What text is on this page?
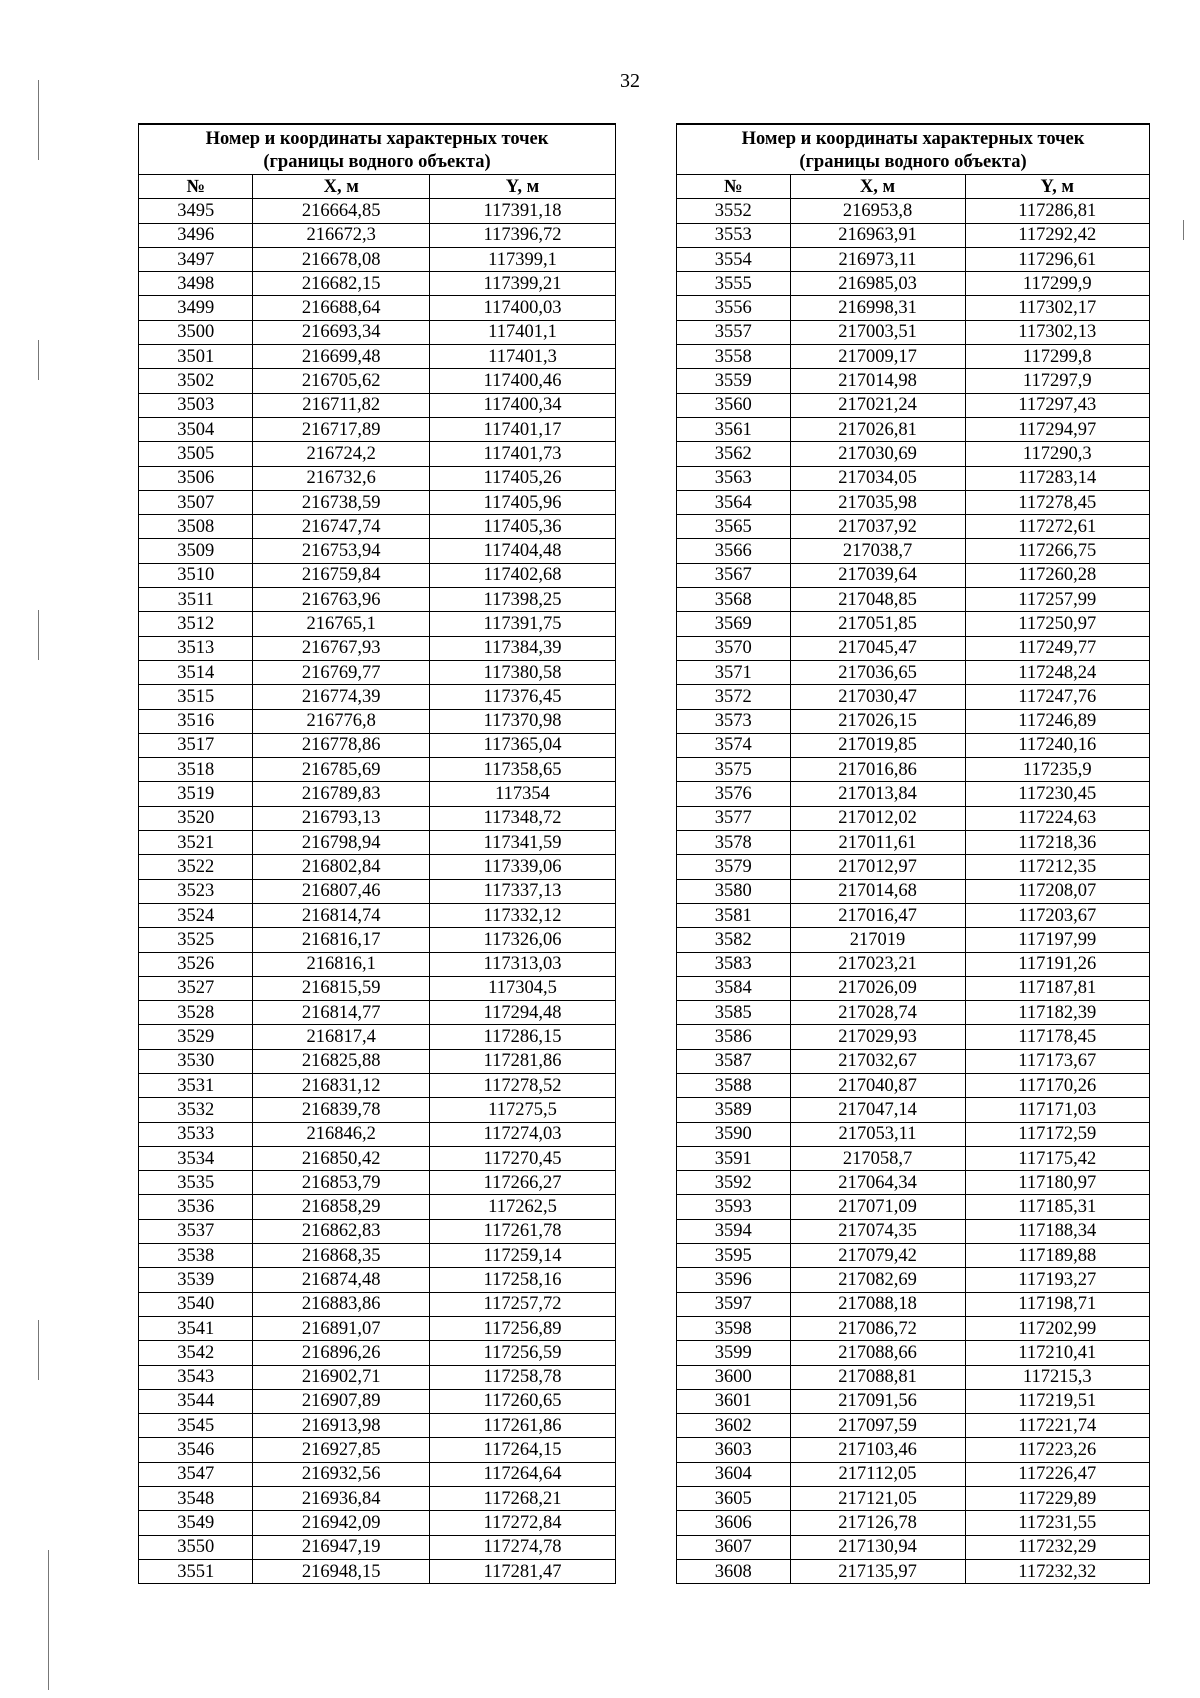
32
Номер и координаты характерных точек
(границы водного объекта)		

№	X, м	Y, м
3495	216664,85	117391,18
3496	216672,3	117396,72
3497	216678,08	117399,1
3498	216682,15	117399,21
3499	216688,64	117400,03
3500	216693,34	117401,1
3501	216699,48	117401,3
3502	216705,62	117400,46
3503	216711,82	117400,34
3504	216717,89	117401,17
3505	216724,2	117401,73
3506	216732,6	117405,26
3507	216738,59	117405,96
3508	216747,74	117405,36
3509	216753,94	117404,48
3510	216759,84	117402,68
3511	216763,96	117398,25
3512	216765,1	117391,75
3513	216767,93	117384,39
3514	216769,77	117380,58
3515	216774,39	117376,45
3516	216776,8	117370,98
3517	216778,86	117365,04
3518	216785,69	117358,65
3519	216789,83	117354
3520	216793,13	117348,72
3521	216798,94	117341,59
3522	216802,84	117339,06
3523	216807,46	117337,13
3524	216814,74	117332,12
3525	216816,17	117326,06
3526	216816,1	117313,03
3527	216815,59	117304,5
3528	216814,77	117294,48
3529	216817,4	117286,15
3530	216825,88	117281,86
3531	216831,12	117278,52
3532	216839,78	117275,5
3533	216846,2	117274,03
3534	216850,42	117270,45
3535	216853,79	117266,27
3536	216858,29	117262,5
3537	216862,83	117261,78
3538	216868,35	117259,14
3539	216874,48	117258,16
3540	216883,86	117257,72
3541	216891,07	117256,89
3542	216896,26	117256,59
3543	216902,71	117258,78
3544	216907,89	117260,65
3545	216913,98	117261,86
3546	216927,85	117264,15
3547	216932,56	117264,64
3548	216936,84	117268,21
3549	216942,09	117272,84
3550	216947,19	117274,78
3551	216948,15	117281,47
Номер и координаты характерных точек
(границы водного объекта)		

№	X, м	Y, м
3552	216953,8	117286,81
3553	216963,91	117292,42
3554	216973,11	117296,61
3555	216985,03	117299,9
3556	216998,31	117302,17
3557	217003,51	117302,13
3558	217009,17	117299,8
3559	217014,98	117297,9
3560	217021,24	117297,43
3561	217026,81	117294,97
3562	217030,69	117290,3
3563	217034,05	117283,14
3564	217035,98	117278,45
3565	217037,92	117272,61
3566	217038,7	117266,75
3567	217039,64	117260,28
3568	217048,85	117257,99
3569	217051,85	117250,97
3570	217045,47	117249,77
3571	217036,65	117248,24
3572	217030,47	117247,76
3573	217026,15	117246,89
3574	217019,85	117240,16
3575	217016,86	117235,9
3576	217013,84	117230,45
3577	217012,02	117224,63
3578	217011,61	117218,36
3579	217012,97	117212,35
3580	217014,68	117208,07
3581	217016,47	117203,67
3582	217019	117197,99
3583	217023,21	117191,26
3584	217026,09	117187,81
3585	217028,74	117182,39
3586	217029,93	117178,45
3587	217032,67	117173,67
3588	217040,87	117170,26
3589	217047,14	117171,03
3590	217053,11	117172,59
3591	217058,7	117175,42
3592	217064,34	117180,97
3593	217071,09	117185,31
3594	217074,35	117188,34
3595	217079,42	117189,88
3596	217082,69	117193,27
3597	217088,18	117198,71
3598	217086,72	117202,99
3599	217088,66	117210,41
3600	217088,81	117215,3
3601	217091,56	117219,51
3602	217097,59	117221,74
3603	217103,46	117223,26
3604	217112,05	117226,47
3605	217121,05	117229,89
3606	217126,78	117231,55
3607	217130,94	117232,29
3608	217135,97	117232,32
